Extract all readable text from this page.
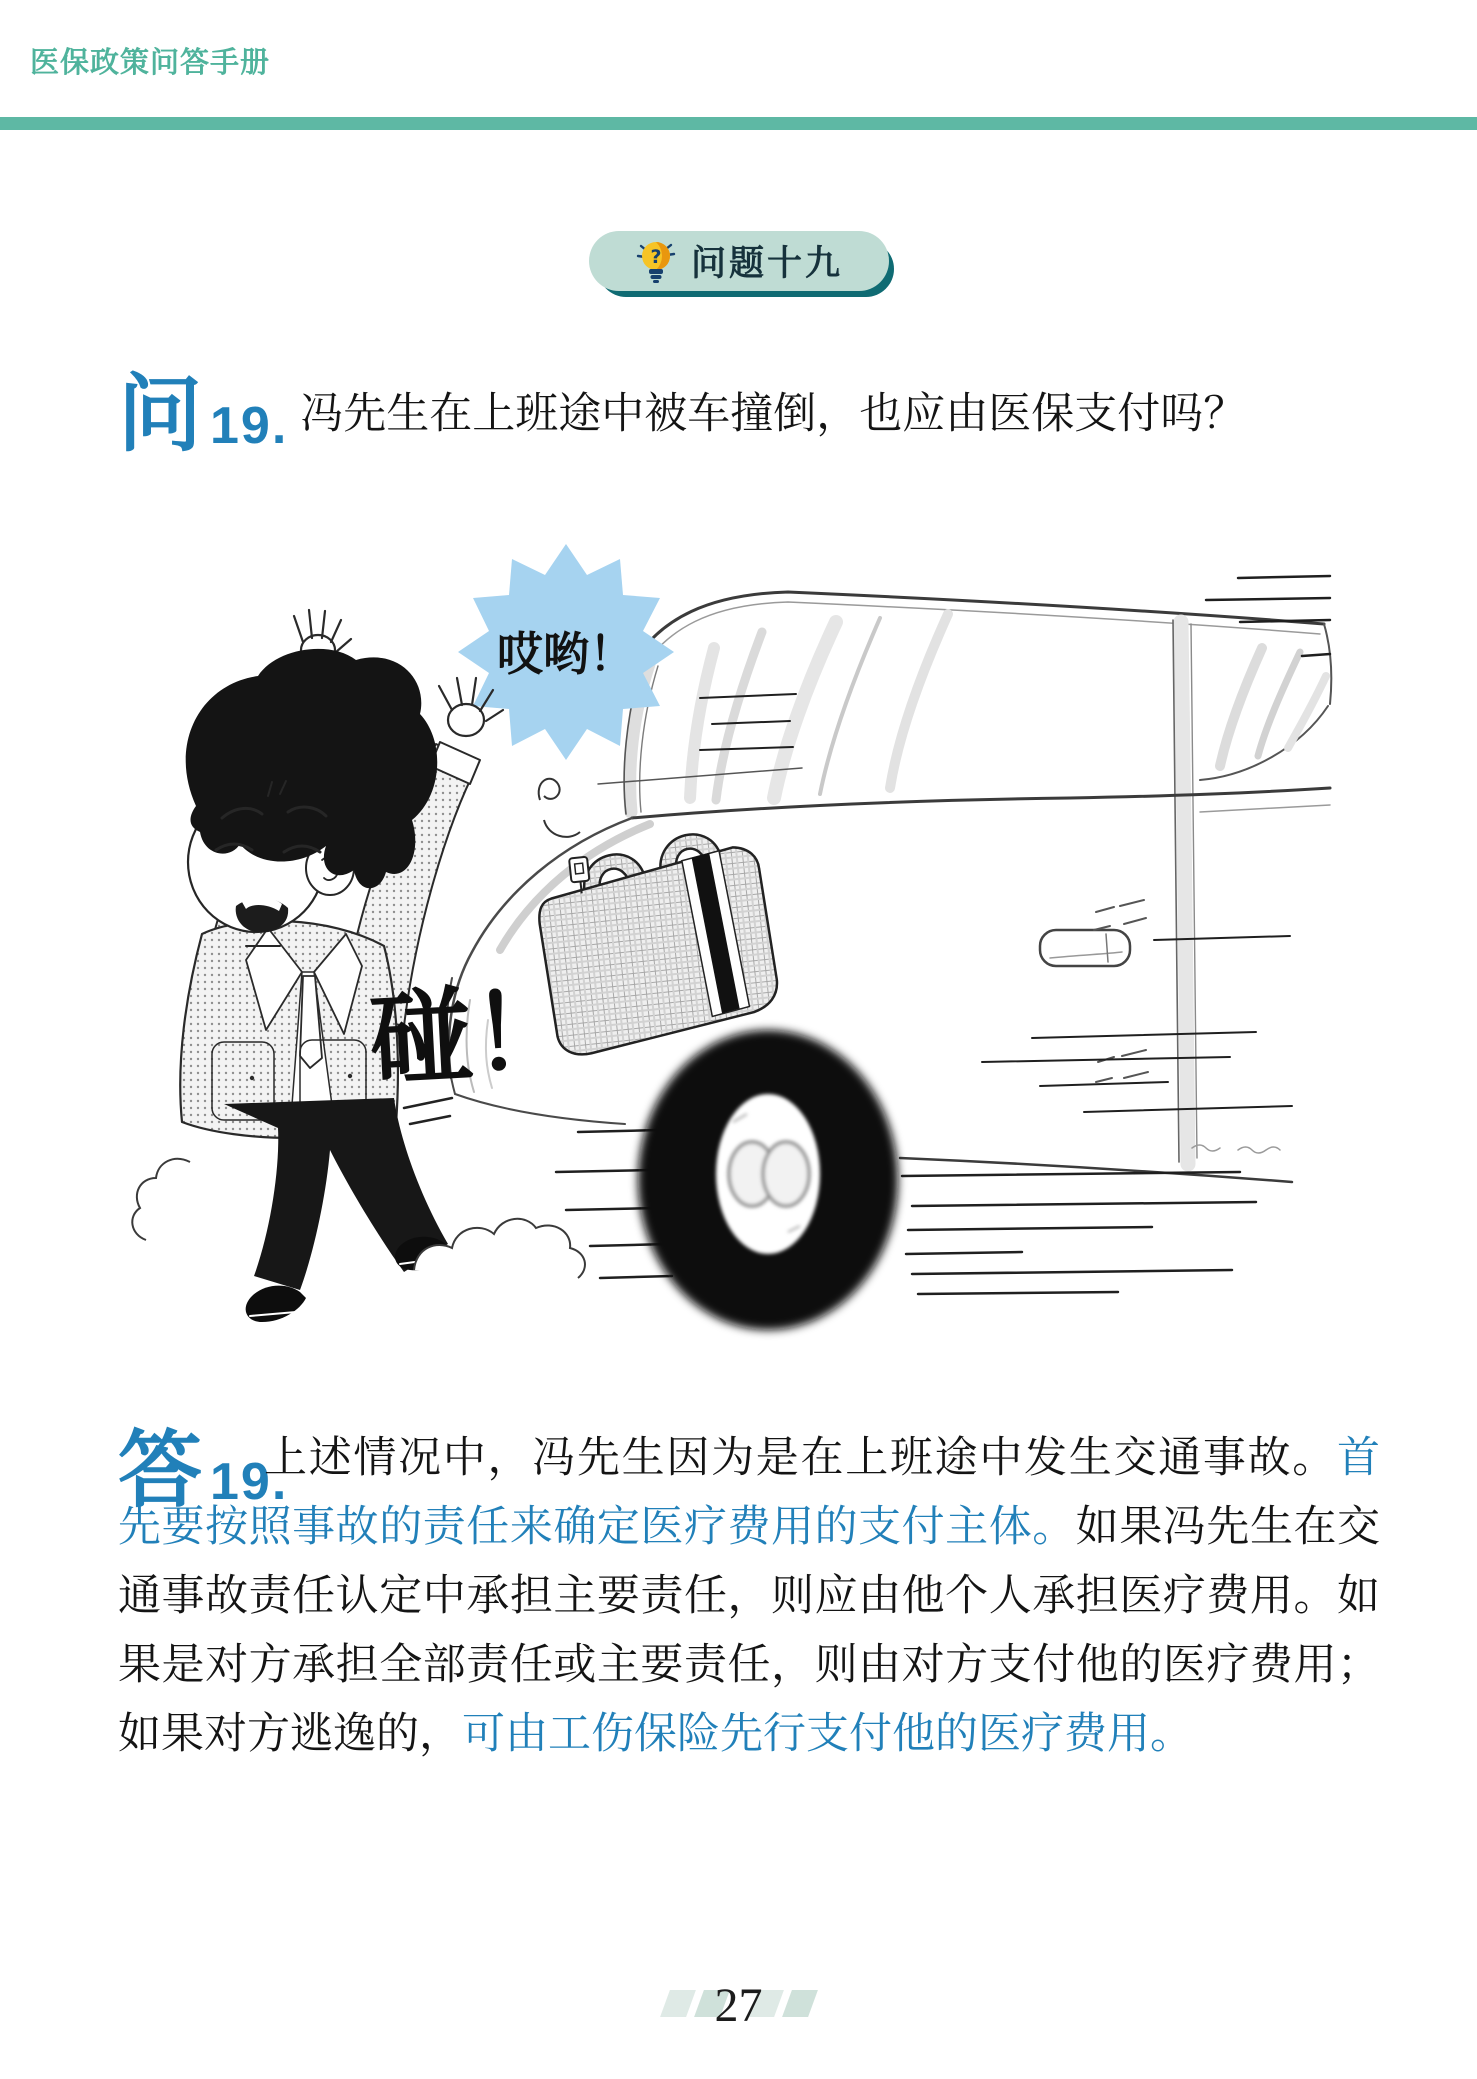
医保政策问答手册
? 问题十九
问 19. 冯先生在上班途中被车撞倒，也应由医保支付吗？
哎哟！
碰！
答 19.
上述情况中，冯先生因为是在上班途中发生交通事故。首先要按照事故的责任来确定医疗费用的支付主体。如果冯先生在交通事故责任认定中承担主要责任，则应由他个人承担医疗费用。如果是对方承担全部责任或主要责任，则由对方支付他的医疗费用；如果对方逃逸的，可由工伤保险先行支付他的医疗费用。
27
